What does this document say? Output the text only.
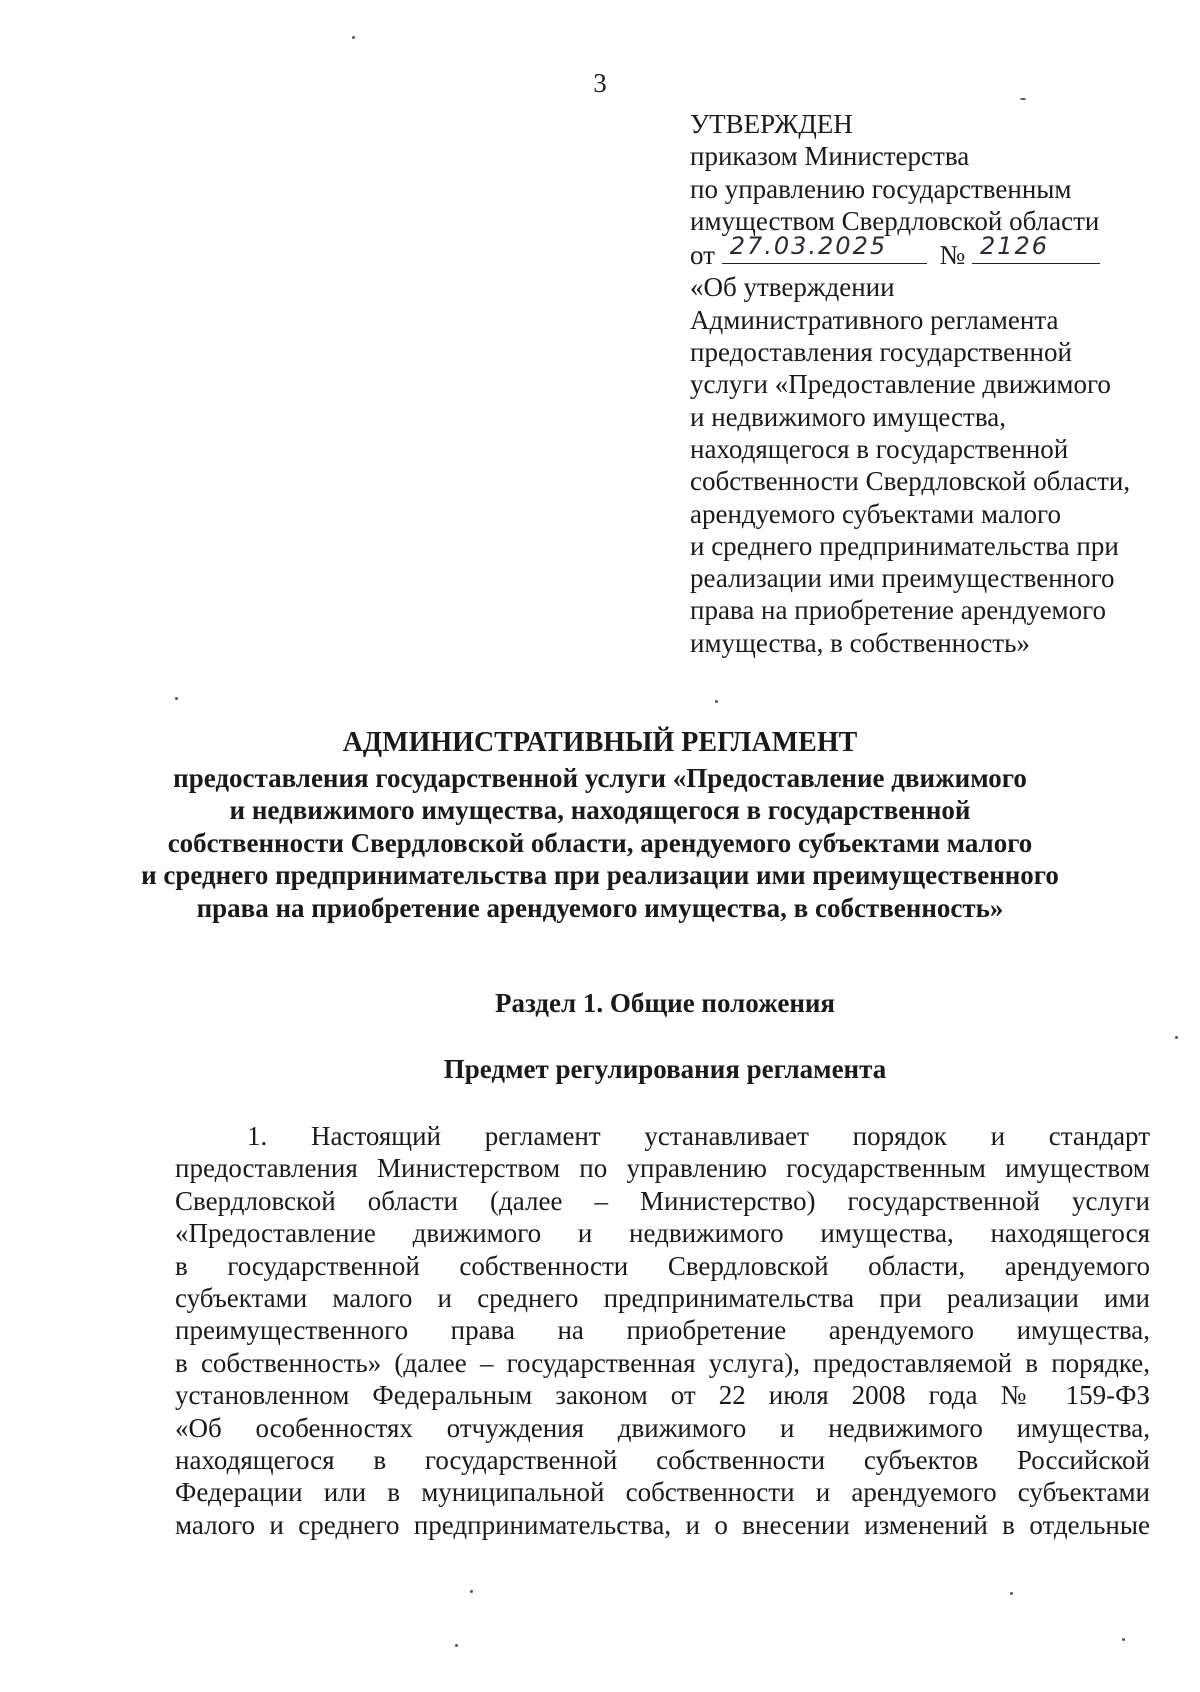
3
УТВЕРЖДЕН
приказом Министерства
по управлению государственным
имуществом Свердловской области
от 27.03.2025 № 2126
«Об утверждении
Административного регламента
предоставления государственной
услуги «Предоставление движимого
и недвижимого имущества,
находящегося в государственной
собственности Свердловской области,
арендуемого субъектами малого
и среднего предпринимательства при
реализации ими преимущественного
права на приобретение арендуемого
имущества, в собственность»
АДМИНИСТРАТИВНЫЙ РЕГЛАМЕНТ
предоставления государственной услуги «Предоставление движимого
и недвижимого имущества, находящегося в государственной
собственности Свердловской области, арендуемого субъектами малого
и среднего предпринимательства при реализации ими преимущественного
права на приобретение арендуемого имущества, в собственность»
Раздел 1. Общие положения
Предмет регулирования регламента
1. Настоящий регламент устанавливает порядок и стандарт
предоставления Министерством по управлению государственным имуществом
Свердловской области (далее – Министерство) государственной услуги
«Предоставление движимого и недвижимого имущества, находящегося
в государственной собственности Свердловской области, арендуемого
субъектами малого и среднего предпринимательства при реализации ими
преимущественного права на приобретение арендуемого имущества,
в собственность» (далее – государственная услуга), предоставляемой в порядке,
установленном Федеральным законом от 22 июля 2008 года № 159-ФЗ
«Об особенностях отчуждения движимого и недвижимого имущества,
находящегося в государственной собственности субъектов Российской
Федерации или в муниципальной собственности и арендуемого субъектами
малого и среднего предпринимательства, и о внесении изменений в отдельные
